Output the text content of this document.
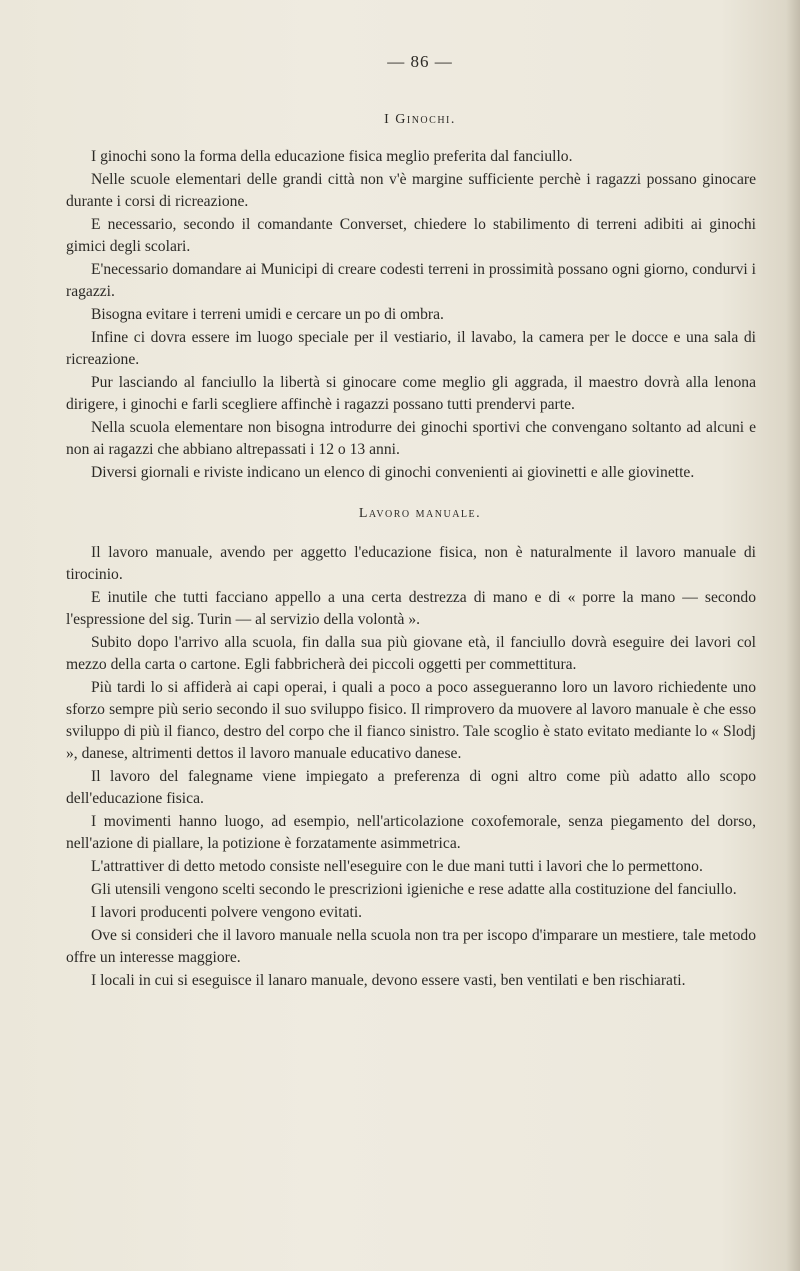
— 86 —
I Ginochi.

I ginochi sono la forma della educazione fisica meglio preferita dal fanciullo.

Nelle scuole elementari delle grandi città non v'è margine sufficiente perchè i ragazzi possano ginocare durante i corsi di ricreazione.

E necessario, secondo il comandante Converset, chiedere lo stabilimento di terreni adibiti ai ginochi gimici degli scolari.

E'necessario domandare ai Municipi di creare codesti terreni in prossimità possano ogni giorno, condurvi i ragazzi.

Bisogna evitare i terreni umidi e cercare un po di ombra.

Infine ci dovra essere im luogo speciale per il vestiario, il lavabo, la camera per le docce e una sala di ricreazione.

Pur lasciando al fanciullo la libertà si ginocare come meglio gli aggrada, il maestro dovrà alla lenona dirigere, i ginochi e farli scegliere affinchè i ragazzi possano tutti prendervi parte.

Nella scuola elementare non bisogna introdurre dei ginochi sportivi che convengano soltanto ad alcuni e non ai ragazzi che abbiano altrepassati i 12 o 13 anni.

Diversi giornali e riviste indicano un elenco di ginochi convenienti ai giovinetti e alle giovinette.

Lavoro manuale.

Il lavoro manuale, avendo per aggetto l'educazione fisica, non è naturalmente il lavoro manuale di tirocinio.

E inutile che tutti facciano appello a una certa destrezza di mano e di « porre la mano — secondo l'espressione del sig. Turin — al servizio della volontà ».

Subito dopo l'arrivo alla scuola, fin dalla sua più giovane età, il fanciullo dovrà eseguire dei lavori col mezzo della carta o cartone. Egli fabbricherà dei piccoli oggetti per commettitura.

Più tardi lo si affiderà ai capi operai, i quali a poco a poco assegueranno loro un lavoro richiedente uno sforzo sempre più serio secondo il suo sviluppo fisico. Il rimprovero da muovere al lavoro manuale è che esso sviluppo di più il fianco, destro del corpo che il fianco sinistro. Tale scoglio è stato evitato mediante lo « Slodj », danese, altrimenti dettos il lavoro manuale educativo danese.

Il lavoro del falegname viene impiegato a preferenza di ogni altro come più adatto allo scopo dell'educazione fisica.

I movimenti hanno luogo, ad esempio, nell'articolazione coxofemorale, senza piegamento del dorso, nell'azione di piallare, la potizione è forzatamente asimmetrica.

L'attrattiver di detto metodo consiste nell'eseguire con le due mani tutti i lavori che lo permettono.

Gli utensili vengono scelti secondo le prescrizioni igieniche e rese adatte alla costituzione del fanciullo.

I lavori producenti polvere vengono evitati.

Ove si consideri che il lavoro manuale nella scuola non tra per iscopo d'imparare un mestiere, tale metodo offre un interesse maggiore.

I locali in cui si eseguisce il lanaro manuale, devono essere vasti, ben ventilati e ben rischiarati.
